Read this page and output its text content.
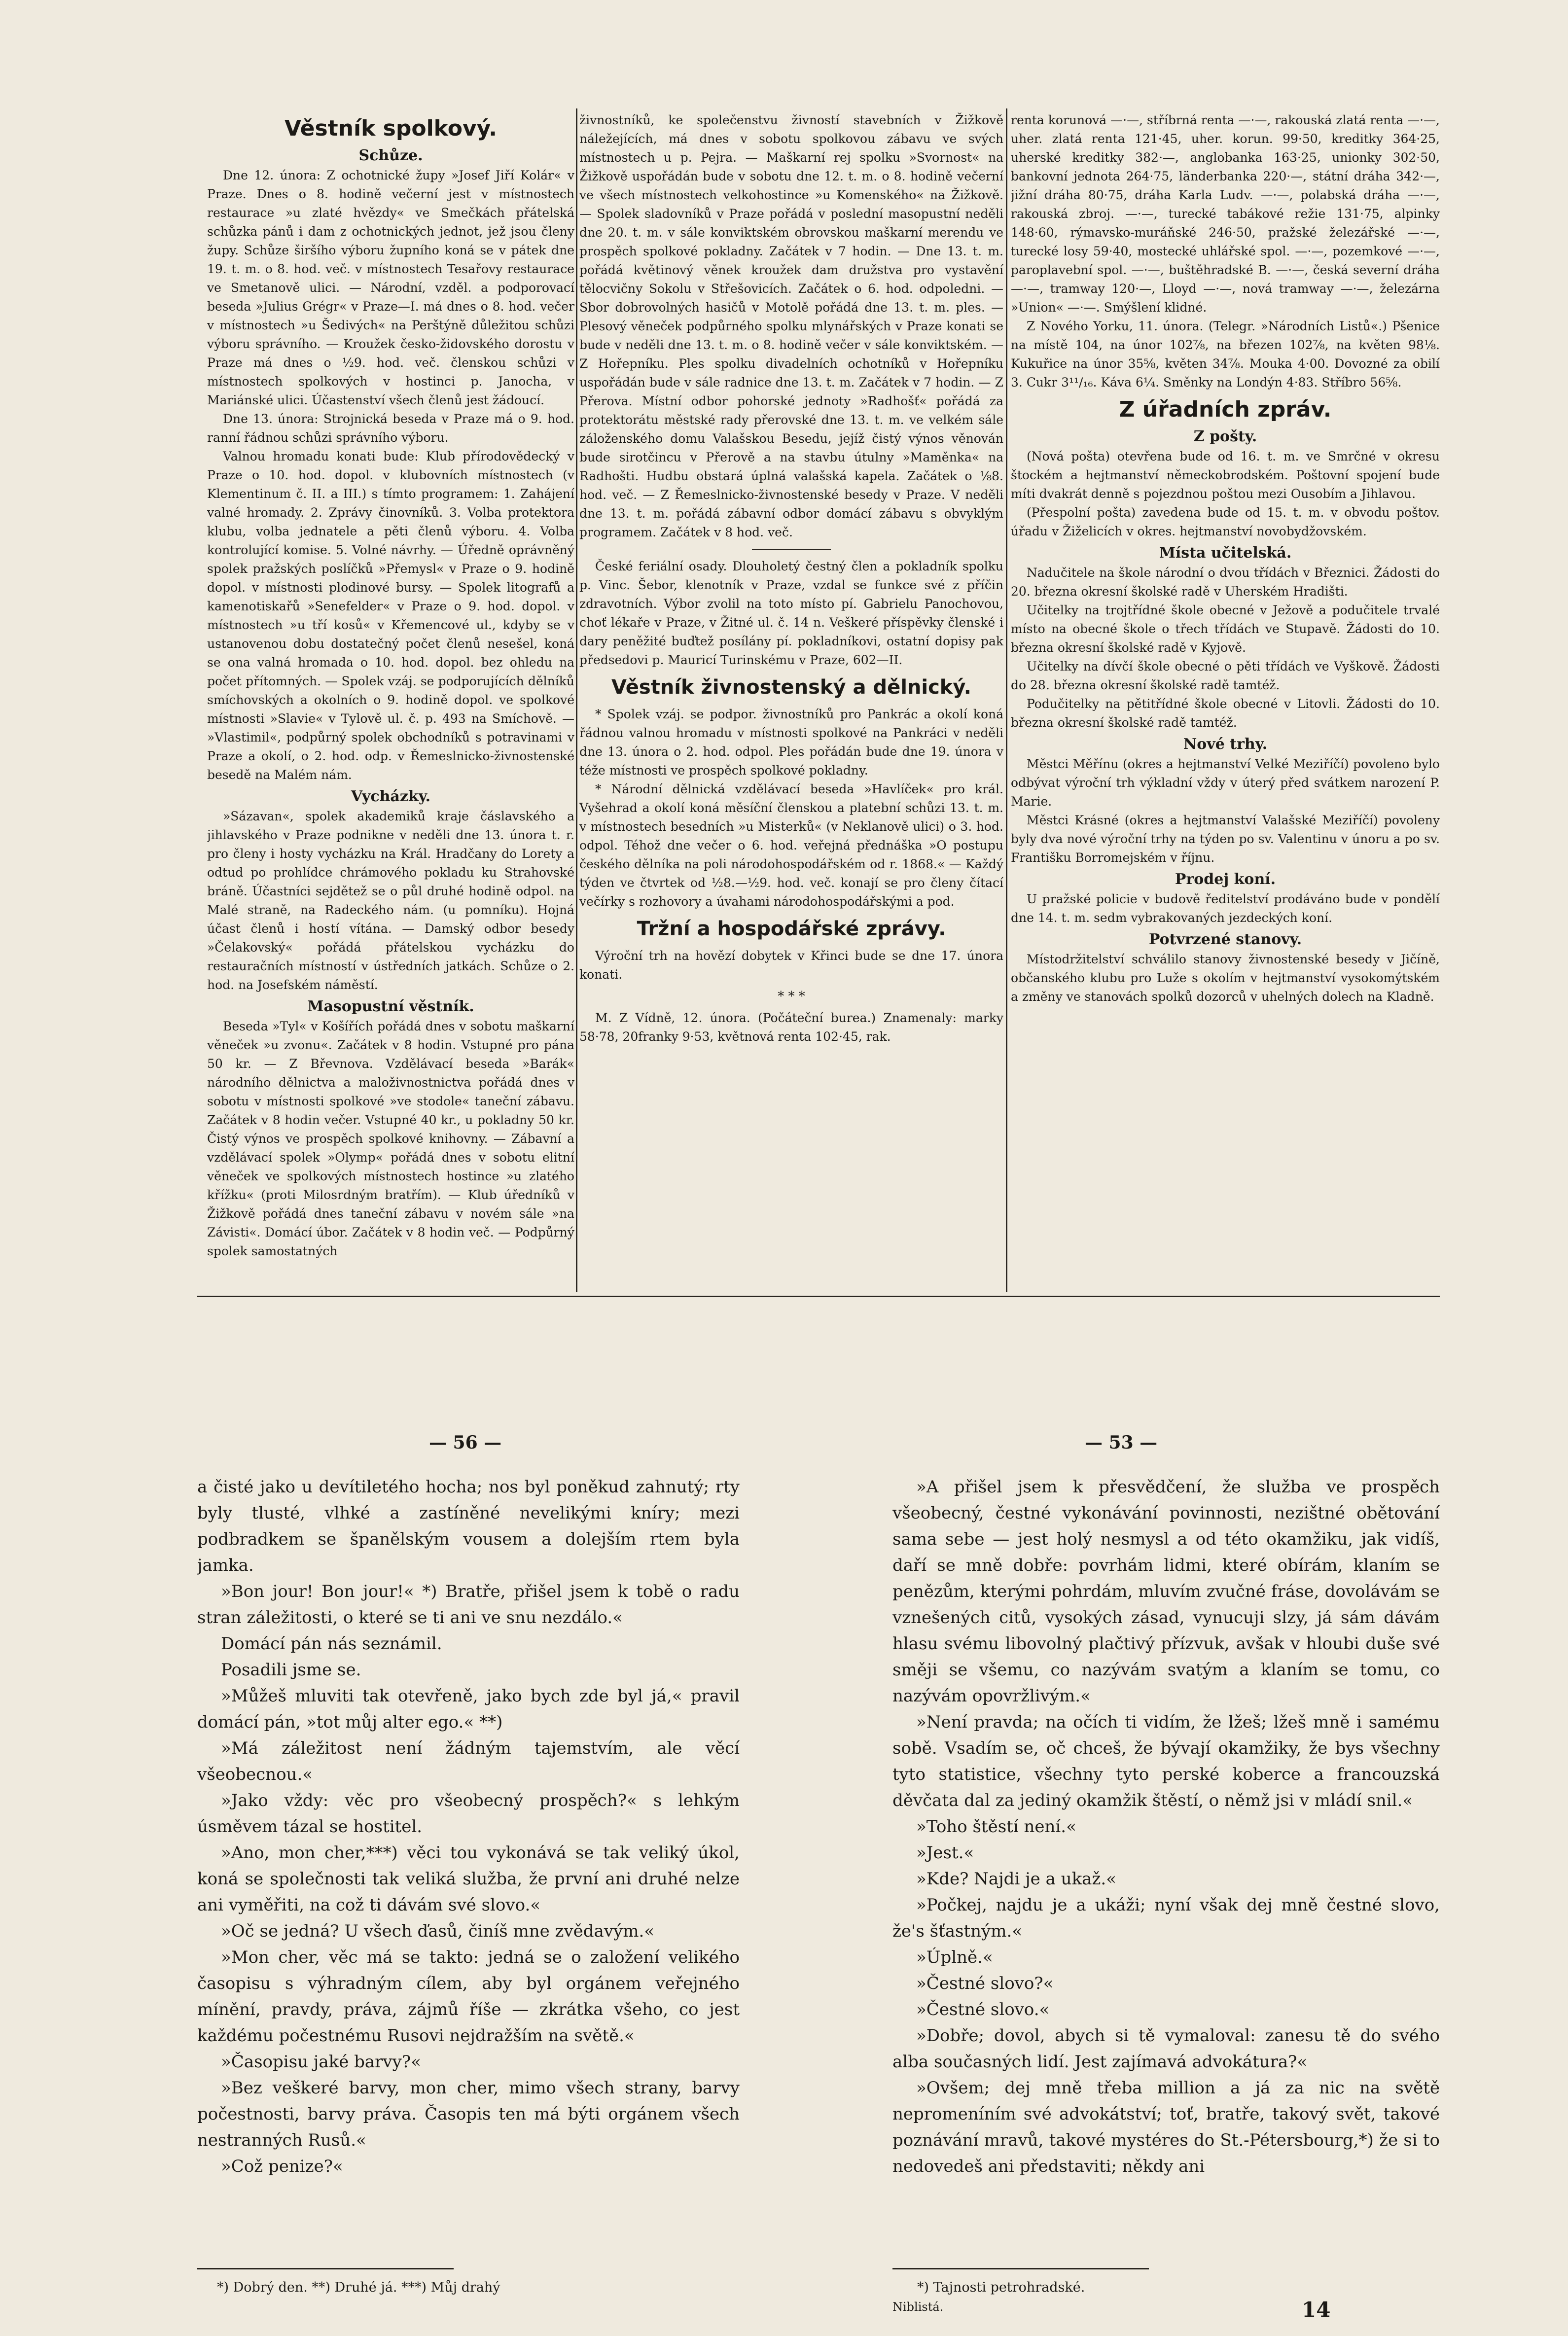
Věstník spolkový.
Schůze.

Dne 12. února: Z ochotnické župy »Josef Jiří Kolár« v Praze. Dnes o 8. hodině večerní jest v místnostech restaurace »u zlaté hvězdy« ve Smečkách přátelská schůzka pánů i dam z ochotnických jednot, jež jsou členy župy. Schůze širšího výboru župního koná se v pátek dne 19. t. m. o 8. hod. več. v místnostech Tesařovy restaurace ve Smetanově ulici. — Národní, vzděl. a podporovací beseda »Julius Grégr« v Praze—I. má dnes o 8. hod. večer v místnostech »u Šedivých« na Perštýně důležitou schůzi výboru správního. — Kroužek česko-židovského dorostu v Praze má dnes o ½9. hod. več. členskou schůzi v místnostech spolkových v hostinci p. Janocha, v Mariánské ulici. Účastenství všech členů jest žádoucí.

Dne 13. února: Strojnická beseda v Praze má o 9. hod. ranní řádnou schůzi správního výboru.

Valnou hromadu konati bude: Klub přírodovědecký v Praze o 10. hod. dopol. v klubovních místnostech (v Klementinum č. II. a III.) s tímto programem: 1. Zahájení valné hromady. 2. Zprávy činovníků. 3. Volba protektora klubu, volba jednatele a pěti členů výboru. 4. Volba kontrolující komise. 5. Volné návrhy. — Úředně oprávněný spolek pražských poslíčků »Přemysl« v Praze o 9. hodině dopol. v místnosti plodinové bursy. — Spolek litografů a kamenotiskařů »Senefelder« v Praze o 9. hod. dopol. v místnostech »u tří kosů« v Křemencové ul., kdyby se v ustanovenou dobu dostatečný počet členů nesešel, koná se ona valná hromada o 10. hod. dopol. bez ohledu na počet přítomných. — Spolek vzáj. se podporujících dělníků smíchovských a okolních o 9. hodině dopol. ve spolkové místnosti »Slavie« v Tylově ul. č. p. 493 na Smíchově. — »Vlastimil«, podpůrný spolek obchodníků s potravinami v Praze a okolí, o 2. hod. odp. v Řemeslnicko-živnostenské besedě na Malém nám.

Vycházky.

»Sázavan«, spolek akademiků kraje čáslavského a jihlavského v Praze podnikne v neděli dne 13. února t. r. pro členy i hosty vycházku na Král. Hradčany do Lorety a odtud po prohlídce chrámového pokladu ku Strahovské bráně. Účastníci sejdětež se o půl druhé hodině odpol. na Malé straně, na Radeckého nám. (u pomníku). Hojná účast členů i hostí vítána. — Damský odbor besedy »Čelakovský« pořádá přátelskou vycházku do restauračních místností v ústředních jatkách. Schůze o 2. hod. na Josefském náměstí.

Masopustní věstník.

Beseda »Tyl« v Košířích pořádá dnes v sobotu maškarní věneček »u zvonu«. Začátek v 8 hodin. Vstupné pro pána 50 kr. — Z Břevnova. Vzdělávací beseda »Barák« národního dělnictva a maloživnostnictva pořádá dnes v sobotu v místnosti spolkové »ve stodole« taneční zábavu. Začátek v 8 hodin večer. Vstupné 40 kr., u pokladny 50 kr. Čistý výnos ve prospěch spolkové knihovny. — Zábavní a vzdělávací spolek »Olymp« pořádá dnes v sobotu elitní věneček ve spolkových místnostech hostince »u zlatého křížku« (proti Milosrdným bratřím). — Klub úředníků v Žižkově pořádá dnes taneční zábavu v novém sále »na Závisti«. Domácí úbor. Začátek v 8 hodin več. — Podpůrný spolek samostatných

živnostníků, ke společenstvu živností stavebních v Žižkově náležejících, má dnes v sobotu spolkovou zábavu ve svých místnostech u p. Pejra. — Maškarní rej spolku »Svornost« na Žižkově uspořádán bude v sobotu dne 12. t. m. o 8. hodině večerní ve všech místnostech velkohostince »u Komenského« na Žižkově. — Spolek sladovníků v Praze pořádá v poslední masopustní neděli dne 20. t. m. v sále konviktském obrovskou maškarní merendu ve prospěch spolkové pokladny. Začátek v 7 hodin. — Dne 13. t. m. pořádá květinový věnek kroužek dam družstva pro vystavění tělocvičny Sokolu v Střešovicích. Začátek o 6. hod. odpoledni. — Sbor dobrovolných hasičů v Motolě pořádá dne 13. t. m. ples. — Plesový věneček podpůrného spolku mlynářských v Praze konati se bude v neděli dne 13. t. m. o 8. hodině večer v sále konviktském. — Z Hořepníku. Ples spolku divadelních ochotníků v Hořepníku uspořádán bude v sále radnice dne 13. t. m. Začátek v 7 hodin. — Z Přerova. Místní odbor pohorské jednoty »Radhošť« pořádá za protektorátu městské rady přerovské dne 13. t. m. ve velkém sále záloženského domu Valašskou Besedu, jejíž čistý výnos věnován bude sirotčincu v Přerově a na stavbu útulny »Maměnka« na Radhošti. Hudbu obstará úplná valašská kapela. Začátek o ⅛8. hod. več. — Z Řemeslnicko-živnostenské besedy v Praze. V neděli dne 13. t. m. pořádá zábavní odbor domácí zábavu s obvyklým programem. Začátek v 8 hod. več.

České feriální osady. Dlouholetý čestný člen a pokladník spolku p. Vinc. Šebor, klenotník v Praze, vzdal se funkce své z příčin zdravotních. Výbor zvolil na toto místo pí. Gabrielu Panochovou, choť lékaře v Praze, v Žitné ul. č. 14 n. Veškeré příspěvky členské i dary peněžité buďtež posílány pí. pokladníkovi, ostatní dopisy pak předsedovi p. Mauricí Turinskému v Praze, 602—II.

Věstník živnostenský a dělnický.

* Spolek vzáj. se podpor. živnostníků pro Pankrác a okolí koná řádnou valnou hromadu v místnosti spolkové na Pankráci v neděli dne 13. února o 2. hod. odpol. Ples pořádán bude dne 19. února v téže místnosti ve prospěch spolkové pokladny.

* Národní dělnická vzdělávací beseda »Havlíček« pro král. Vyšehrad a okolí koná měsíční členskou a platební schůzi 13. t. m. v místnostech besedních »u Misterků« (v Neklanově ulici) o 3. hod. odpol. Téhož dne večer o 6. hod. veřejná přednáška »O postupu českého dělníka na poli národohospodářském od r. 1868.« — Každý týden ve čtvrtek od ½8.—½9. hod. več. konají se pro členy čítací večírky s rozhovory a úvahami národohospodářskými a pod.

Tržní a hospodářské zprávy.

Výroční trh na hovězí dobytek v Křinci bude se dne 17. února konati.

* * *

M. Z Vídně, 12. února. (Počáteční burea.) Znamenaly: marky 58·78, 20franky 9·53, květnová renta 102·45, rak.

renta korunová —·—, stříbrná renta —·—, rakouská zlatá renta —·—, uher. zlatá renta 121·45, uher. korun. 99·50, kreditky 364·25, uherské kreditky 382·—, anglobanka 163·25, unionky 302·50, bankovní jednota 264·75, länderbanka 220·—, státní dráha 342·—, jižní dráha 80·75, dráha Karla Ludv. —·—, polabská dráha —·—, rakouská zbroj. —·—, turecké tabákové režie 131·75, alpinky 148·60, rýmavsko-muráňské 246·50, pražské železářské —·—, turecké losy 59·40, mostecké uhlářské spol. —·—, pozemkové —·—, paroplavební spol. —·—, buštěhradské B. —·—, česká severní dráha —·—, tramway 120·—, Lloyd —·—, nová tramway —·—, železárna »Union« —·—. Smýšlení klidné.

Z Nového Yorku, 11. února. (Telegr. »Národních Listů«.) Pšenice na místě 104, na únor 102⅞, na březen 102⅞, na květen 98⅛. Kukuřice na únor 35⅝, květen 34⅞. Mouka 4·00. Dovozné za obilí 3. Cukr 3¹¹/₁₆. Káva 6¼. Směnky na Londýn 4·83. Stříbro 56⅝.

Z úřadních zpráv.
Z pošty.

(Nová pošta) otevřena bude od 16. t. m. ve Smrčné v okresu štockém a hejtmanství německobrodském. Poštovní spojení bude míti dvakrát denně s pojezdnou poštou mezi Ousobím a Jihlavou.

(Přespolní pošta) zavedena bude od 15. t. m. v obvodu poštov. úřadu v Žiželicích v okres. hejtmanství novobydžovském.

Místa učitelská.

Nadučitele na škole národní o dvou třídách v Březnici. Žádosti do 20. března okresní školské radě v Uherském Hradišti.

Učitelky na trojtřídné škole obecné v Ježově a podučitele trvalé místo na obecné škole o třech třídách ve Stupavě. Žádosti do 10. března okresní školské radě v Kyjově.

Učitelky na dívčí škole obecné o pěti třídách ve Vyškově. Žádosti do 28. března okresní školské radě tamtéž.

Podučitelky na pětitřídné škole obecné v Litovli. Žádosti do 10. března okresní školské radě tamtéž.

Nové trhy.

Městci Měřínu (okres a hejtmanství Velké Meziříčí) povoleno bylo odbývat výroční trh výkladní vždy v úterý před svátkem narození P. Marie.

Městci Krásné (okres a hejtmanství Valašské Meziříčí) povoleny byly dva nové výroční trhy na týden po sv. Valentinu v únoru a po sv. Františku Borromejském v říjnu.

Prodej koní.

U pražské policie v budově ředitelství prodáváno bude v pondělí dne 14. t. m. sedm vybrakovaných jezdeckých koní.

Potvrzené stanovy.

Místodržitelství schválilo stanovy živnostenské besedy v Jičíně, občanského klubu pro Luže s okolím v hejtmanství vysokomýtském a změny ve stanovách spolků dozorců v uhelných dolech na Kladně.

— 56 —	— 53 —

a čisté jako u devítiletého hocha; nos byl poněkud zahnutý; rty byly tlusté, vlhké a zastíněné nevelikými kníry; mezi podbradkem se španělským vousem a dolejším rtem byla jamka.

»Bon jour! Bon jour!« *) Bratře, přišel jsem k tobě o radu stran záležitosti, o které se ti ani ve snu nezdálo.«

Domácí pán nás seznámil.

Posadili jsme se.

»Můžeš mluviti tak otevřeně, jako bych zde byl já,« pravil domácí pán, »tot můj alter ego.« **)

»Má záležitost není žádným tajemstvím, ale věcí všeobecnou.«

»Jako vždy: věc pro všeobecný prospěch?« s lehkým úsměvem tázal se hostitel.

»Ano, mon cher,***) věci tou vykonává se tak veliký úkol, koná se společnosti tak veliká služba, že první ani druhé nelze ani vyměřiti, na což ti dávám své slovo.«

»Oč se jedná? U všech ďasů, činíš mne zvědavým.«

»Mon cher, věc má se takto: jedná se o založení velikého časopisu s výhradným cílem, aby byl orgánem veřejného mínění, pravdy, práva, zájmů říše — zkrátka všeho, co jest každému počestnému Rusovi nejdražším na světě.«

»Časopisu jaké barvy?«

»Bez veškeré barvy, mon cher, mimo všech strany, barvy počestnosti, barvy práva. Časopis ten má býti orgánem všech nestranných Rusů.«

»Což penize?«

»A přišel jsem k přesvědčení, že služba ve prospěch všeobecný, čestné vykonávání povinnosti, nezištné obětování sama sebe — jest holý nesmysl a od této okamžiku, jak vidíš, daří se mně dobře: povrhám lidmi, které obírám, klaním se penězům, kterými pohrdám, mluvím zvučné fráse, dovolávám se vznešených citů, vysokých zásad, vynucuji slzy, já sám dávám hlasu svému libovolný plačtivý přízvuk, avšak v hloubi duše své směji se všemu, co nazývám svatým a klaním se tomu, co nazývám opovržlivým.«

»Není pravda; na očích ti vidím, že lžeš; lžeš mně i samému sobě. Vsadím se, oč chceš, že bývají okamžiky, že bys všechny tyto statistice, všechny tyto perské koberce a francouzská děvčata dal za jediný okamžik štěstí, o němž jsi v mládí snil.«

»Toho štěstí není.«

»Jest.«

»Kde? Najdi je a ukaž.«

»Počkej, najdu je a ukáži; nyní však dej mně čestné slovo, že's šťastným.«

»Úplně.«

»Čestné slovo?«

»Čestné slovo.«

»Dobře; dovol, abych si tě vymaloval: zanesu tě do svého alba současných lidí. Jest zajímavá advokátura?«

»Ovšem; dej mně třeba million a já za nic na světě nepromeníním své advokátství; toť, bratře, takový svět, takové poznávání mravů, takové mystéres do St.-Pétersbourg,*) že si to nedovedeš ani představiti; někdy ani

*) Dobrý den. **) Druhé já. ***) Můj drahý	*) Tajnosti petrohradské.
Niblistá.	14
